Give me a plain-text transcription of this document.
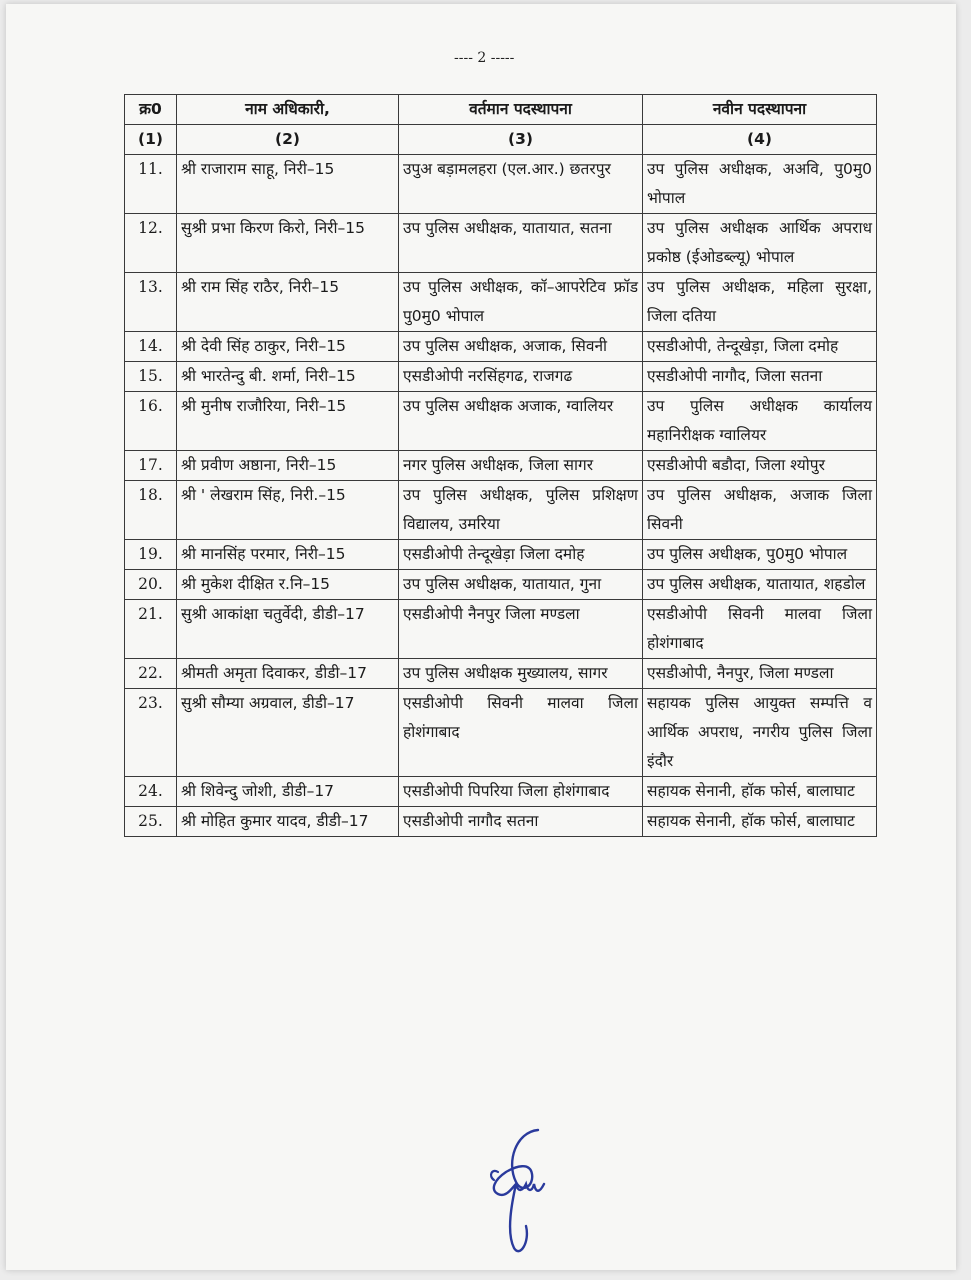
---- 2 -----
क्र0	नाम अधिकारी,	वर्तमान पदस्थापना	नवीन पदस्थापना
(1)	(2)	(3)	(4)
11.	श्री राजाराम साहू, निरी–15	उपुअ बड़ामलहरा (एल.आर.) छतरपुर	उप पुलिस अधीक्षक, अअवि, पु0मु0 भोपाल
12.	सुश्री प्रभा किरण किरो, निरी–15	उप पुलिस अधीक्षक, यातायात, सतना	उप पुलिस अधीक्षक आर्थिक अपराध प्रकोष्ठ (ईओडब्ल्यू) भोपाल
13.	श्री राम सिंह राठैर, निरी–15	उप पुलिस अधीक्षक, कॉ–आपरेटिव फ्रॉड पु0मु0 भोपाल	उप पुलिस अधीक्षक, महिला सुरक्षा, जिला दतिया
14.	श्री देवी सिंह ठाकुर, निरी–15	उप पुलिस अधीक्षक, अजाक, सिवनी	एसडीओपी, तेन्दूखेड़ा, जिला दमोह
15.	श्री भारतेन्दु बी. शर्मा, निरी–15	एसडीओपी नरसिंहगढ, राजगढ	एसडीओपी नागौद, जिला सतना
16.	श्री मुनीष राजौरिया, निरी–15	उप पुलिस अधीक्षक अजाक, ग्वालियर	उप पुलिस अधीक्षक कार्यालय महानिरीक्षक ग्वालियर
17.	श्री प्रवीण अष्ठाना, निरी–15	नगर पुलिस अधीक्षक, जिला सागर	एसडीओपी बडौदा, जिला श्योपुर
18.	श्री ' लेखराम सिंह, निरी.–15	उप पुलिस अधीक्षक, पुलिस प्रशिक्षण विद्यालय, उमरिया	उप पुलिस अधीक्षक, अजाक जिला सिवनी
19.	श्री मानसिंह परमार, निरी–15	एसडीओपी तेन्दूखेड़ा जिला दमोह	उप पुलिस अधीक्षक, पु0मु0 भोपाल
20.	श्री मुकेश दीक्षित र.नि–15	उप पुलिस अधीक्षक, यातायात, गुना	उप पुलिस अधीक्षक, यातायात, शहडोल
21.	सुश्री आकांक्षा चतुर्वेदी, डीडी–17	एसडीओपी नैनपुर जिला मण्डला	एसडीओपी सिवनी मालवा जिला होशंगाबाद
22.	श्रीमती अमृता दिवाकर, डीडी–17	उप पुलिस अधीक्षक मुख्यालय, सागर	एसडीओपी, नैनपुर, जिला मण्डला
23.	सुश्री सौम्या अग्रवाल, डीडी–17	एसडीओपी सिवनी मालवा जिला होशंगाबाद	सहायक पुलिस आयुक्त सम्पत्ति व आर्थिक अपराध, नगरीय पुलिस जिला इंदौर
24.	श्री शिवेन्दु जोशी, डीडी–17	एसडीओपी पिपरिया जिला होशंगाबाद	सहायक सेनानी, हॉक फोर्स, बालाघाट
25.	श्री मोहित कुमार यादव, डीडी–17	एसडीओपी नागौद सतना	सहायक सेनानी, हॉक फोर्स, बालाघाट
